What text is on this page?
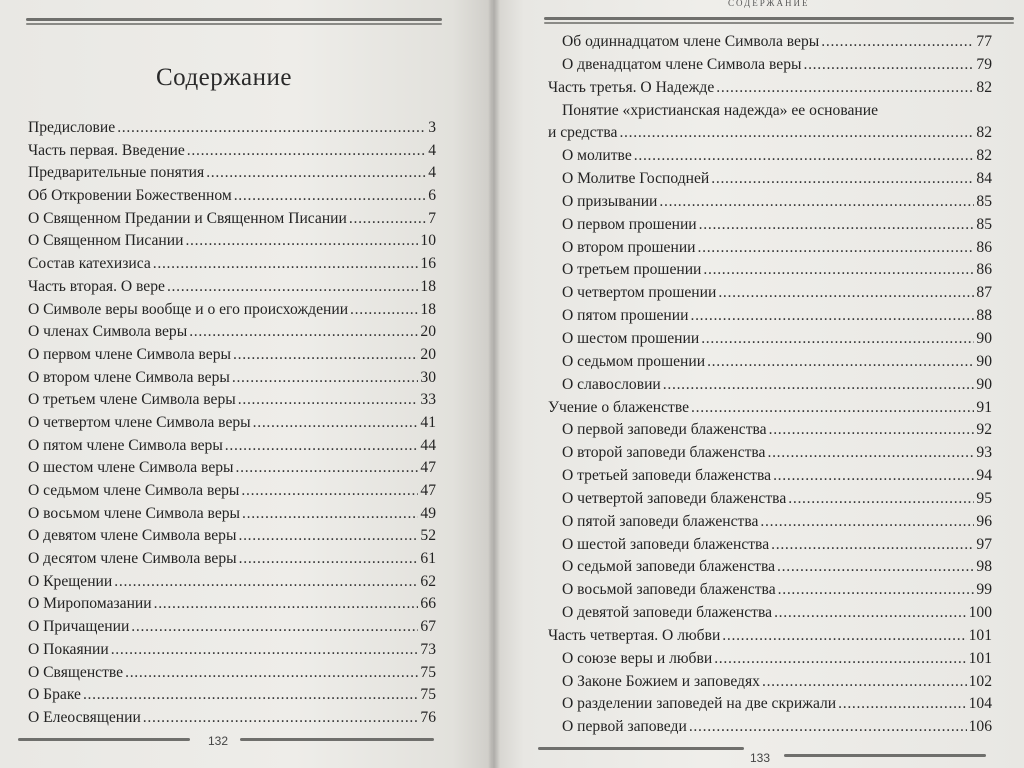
Содержание
Предисловие . . .	3
Часть первая. Введение . . .	4
Предварительные понятия . . .	4
Об Откровении Божественном . . .	6
О Священном Предании и Священном Писании . . .	7
О Священном Писании . . .	10
Состав катехизиса . . .	16
Часть вторая. О вере . . .	18
О Символе веры вообще и о его происхождении . . .	18
О членах Символа веры . . .	20
О первом члене Символа веры . . .	20
О втором члене Символа веры . . .	30
О третьем члене Символа веры . . .	33
О четвертом члене Символа веры . . .	41
О пятом члене Символа веры . . .	44
О шестом члене Символа веры . . .	47
О седьмом члене Символа веры . . .	47
О восьмом члене Символа веры . . .	49
О девятом члене Символа веры . . .	52
О десятом члене Символа веры . . .	61
О Крещении . . .	62
О Миропомазании . . .	66
О Причащении . . .	67
О Покаянии . . .	73
О Священстве . . .	75
О Браке . . .	75
О Елеосвящении . . .	76
132
СОДЕРЖАНИЕ
Об одиннадцатом члене Символа веры . . .	77
О двенадцатом члене Символа веры . . .	79
Часть третья. О Надежде . . .	82
Понятие «христианская надежда» ее основание
и средства . . .	82
О молитве . . .	82
О Молитве Господней . . .	84
О призывании . . .	85
О первом прошении . . .	85
О втором прошении . . .	86
О третьем прошении . . .	86
О четвертом прошении . . .	87
О пятом прошении . . .	88
О шестом прошении . . .	90
О седьмом прошении . . .	90
О славословии . . .	90
Учение о блаженстве . . .	91
О первой заповеди блаженства . . .	92
О второй заповеди блаженства . . .	93
О третьей заповеди блаженства . . .	94
О четвертой заповеди блаженства . . .	95
О пятой заповеди блаженства . . .	96
О шестой заповеди блаженства . . .	97
О седьмой заповеди блаженства . . .	98
О восьмой заповеди блаженства . . .	99
О девятой заповеди блаженства . . .	100
Часть четвертая. О любви . . .	101
О союзе веры и любви . . .	101
О Законе Божием и заповедях . . .	102
О разделении заповедей на две скрижали . . .	104
О первой заповеди . . .	106
133
